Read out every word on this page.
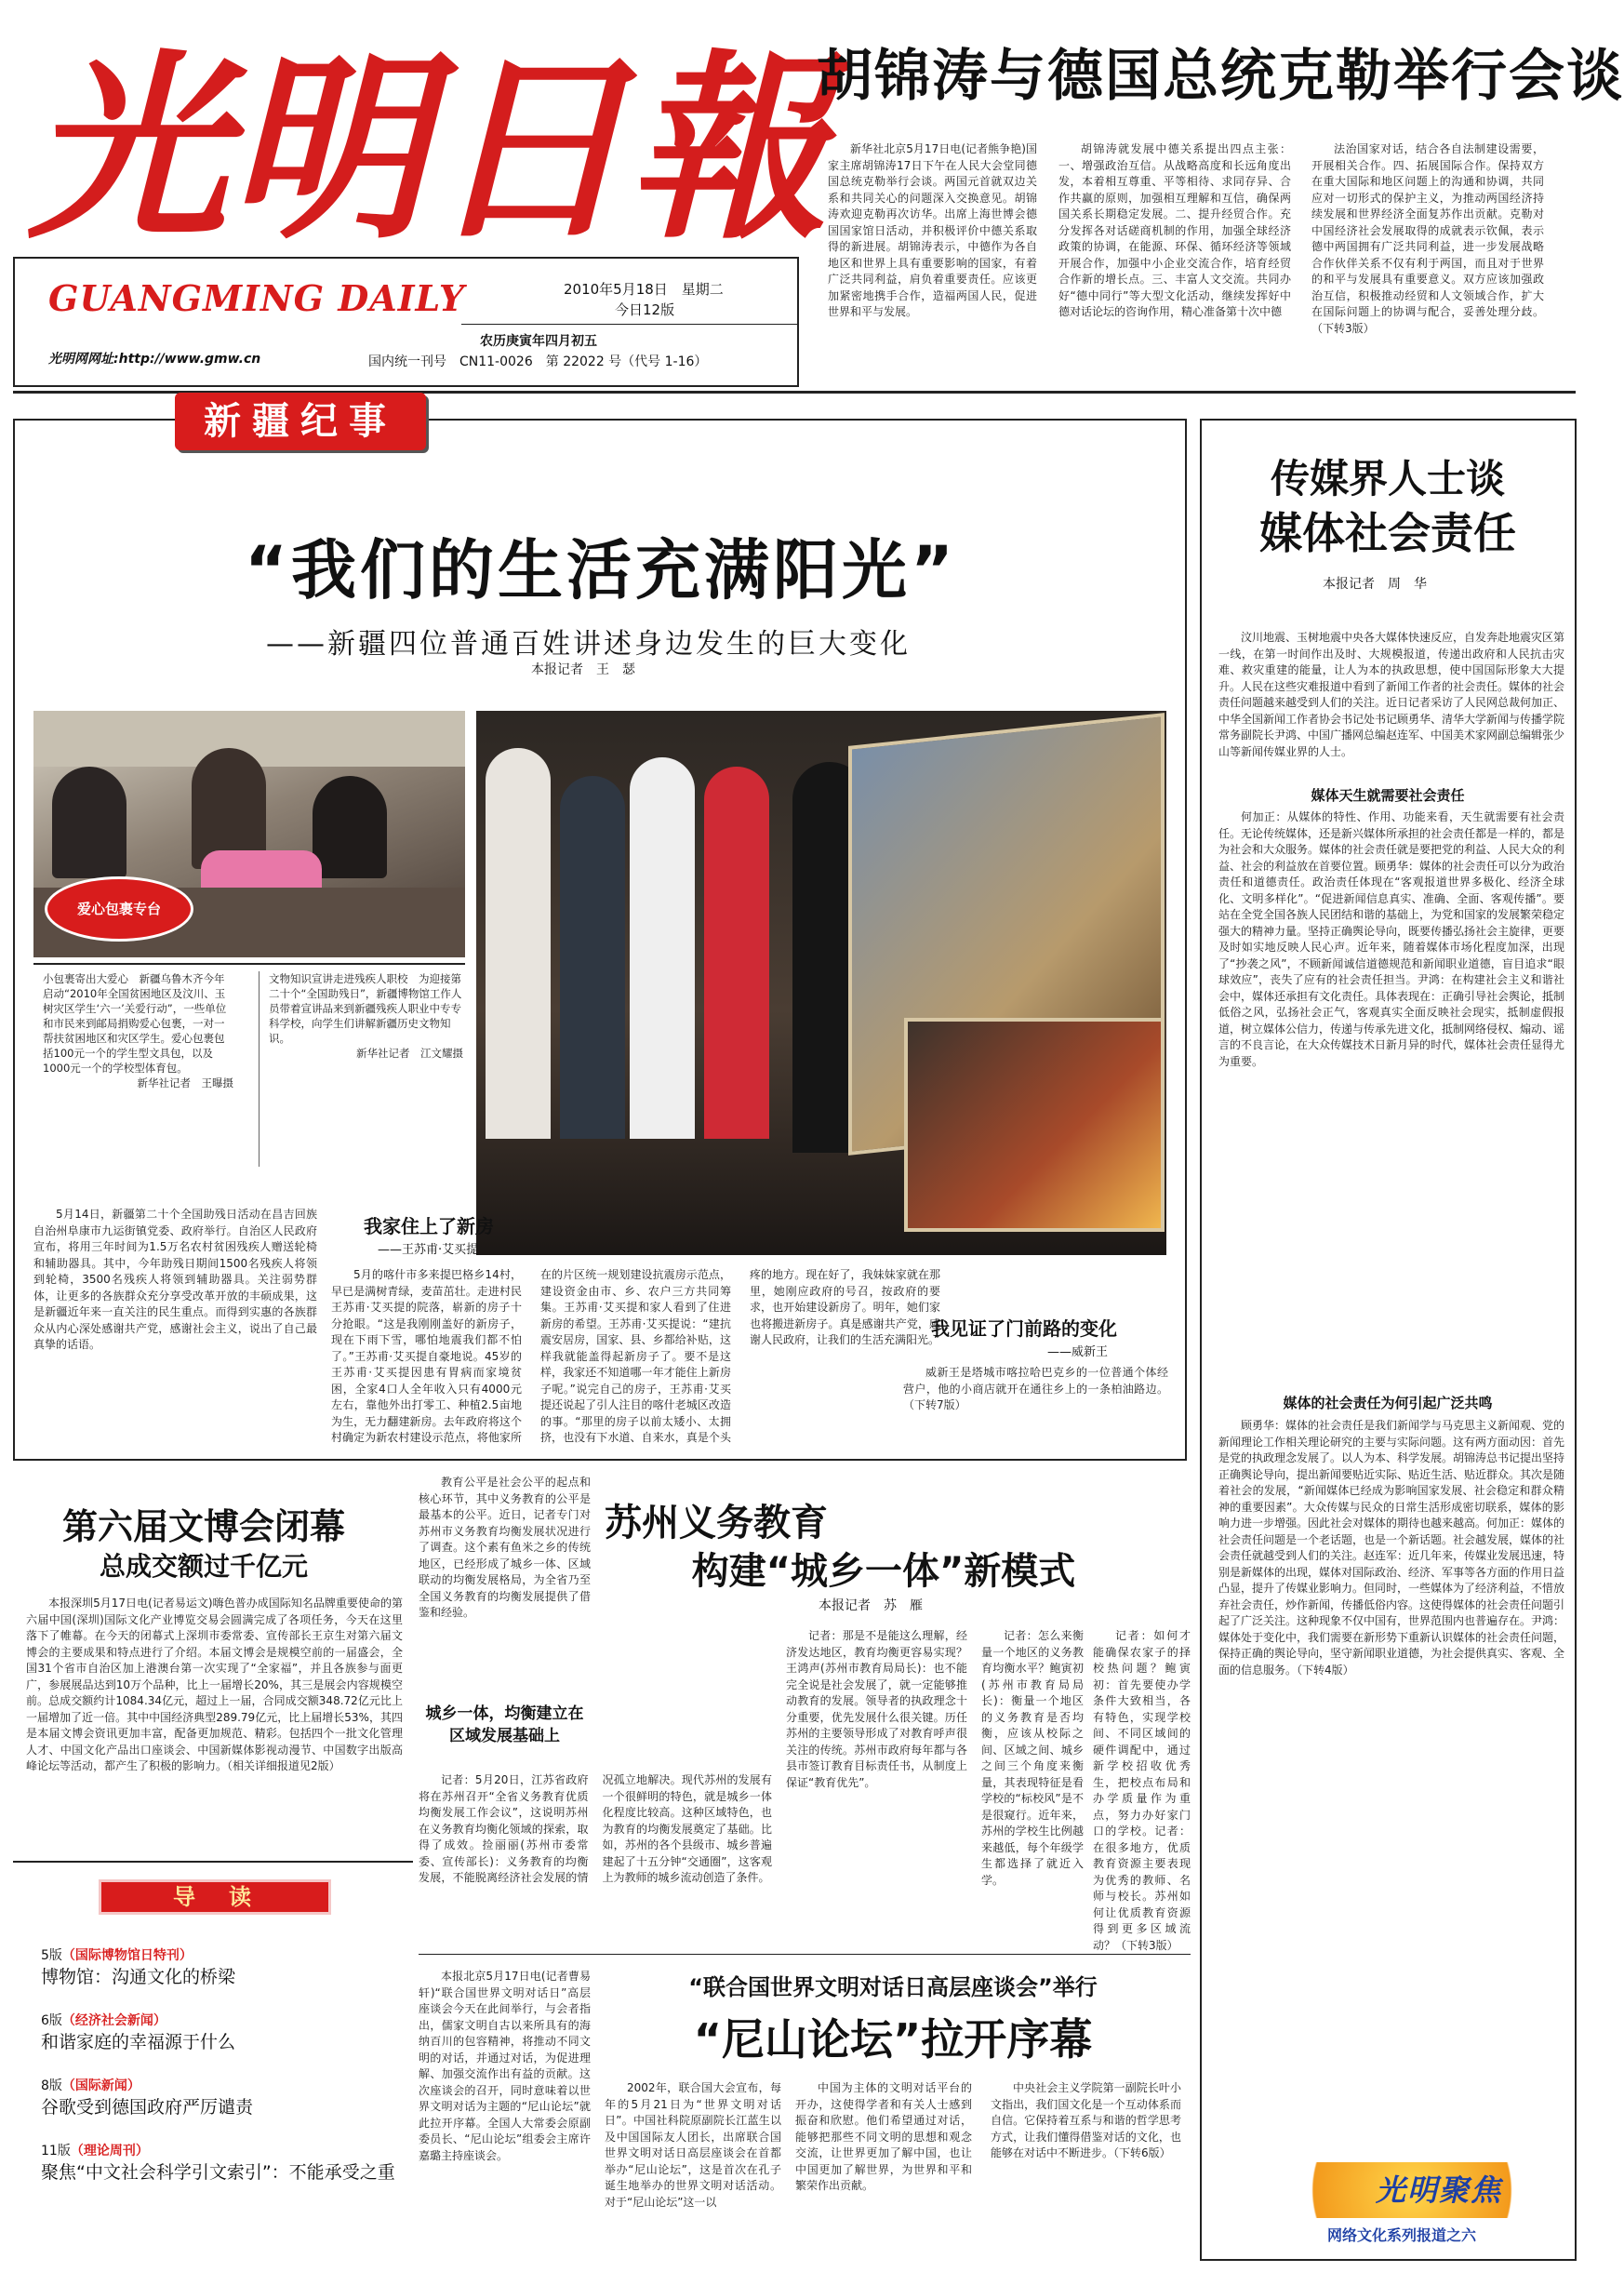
光明日報
GUANGMING DAILY
光明网网址:http://www.gmw.cn
2010年5月18日　星期二
今日12版
农历庚寅年四月初五
国内统一刊号　CN11-0026　第 22022 号（代号 1-16）
胡锦涛与德国总统克勒举行会谈
新华社北京5月17日电(记者熊争艳)国家主席胡锦涛17日下午在人民大会堂同德国总统克勒举行会谈。两国元首就双边关系和共同关心的问题深入交换意见。胡锦涛欢迎克勒再次访华。出席上海世博会德国国家馆日活动，并积极评价中德关系取得的新进展。胡锦涛表示，中德作为各自地区和世界上具有重要影响的国家，有着广泛共同利益，肩负着重要责任。应该更加紧密地携手合作，造福两国人民，促进世界和平与发展。
胡锦涛就发展中德关系提出四点主张：一、增强政治互信。从战略高度和长远角度出发，本着相互尊重、平等相待、求同存异、合作共赢的原则，加强相互理解和互信，确保两国关系长期稳定发展。二、提升经贸合作。充分发挥各对话磋商机制的作用，加强全球经济政策的协调，在能源、环保、循环经济等领域开展合作，加强中小企业交流合作，培育经贸合作新的增长点。三、丰富人文交流。共同办好“德中同行”等大型文化活动，继续发挥好中德对话论坛的咨询作用，精心准备第十次中德
法治国家对话，结合各自法制建设需要，开展相关合作。四、拓展国际合作。保持双方在重大国际和地区问题上的沟通和协调，共同应对一切形式的保护主义，为推动两国经济持续发展和世界经济全面复苏作出贡献。克勒对中国经济社会发展取得的成就表示钦佩，表示德中两国拥有广泛共同利益，进一步发展战略合作伙伴关系不仅有利于两国，而且对于世界的和平与发展具有重要意义。双方应该加强政治互信，积极推动经贸和人文领域合作，扩大在国际问题上的协调与配合，妥善处理分歧。（下转3版）
新疆纪事
“我们的生活充满阳光”
——新疆四位普通百姓讲述身边发生的巨大变化
本报记者　王　瑟
爱心包裹专台
小包裹寄出大爱心　新疆乌鲁木齐今年启动“2010年全国贫困地区及汶川、玉树灾区学生‘六一’关爱行动”，一些单位和市民来到邮局捐购爱心包裹，一对一帮扶贫困地区和灾区学生。爱心包裹包括100元一个的学生型文具包，以及1000元一个的学校型体育包。

新华社记者　王曝摄
文物知识宣讲走进残疾人职校　为迎接第二十个“全国助残日”，新疆博物馆工作人员带着宣讲品来到新疆残疾人职业中专专科学校，向学生们讲解新疆历史文物知识。

新华社记者　江文耀摄
5月14日，新疆第二十个全国助残日活动在昌吉回族自治州阜康市九运街镇党委、政府举行。自治区人民政府宣布，将用三年时间为1.5万名农村贫困残疾人赠送轮椅和辅助器具。其中，今年助残日期间1500名残疾人将领到轮椅，3500名残疾人将领到辅助器具。关注弱势群体，让更多的各族群众充分享受改革开放的丰硕成果，这是新疆近年来一直关注的民生重点。而得到实惠的各族群众从内心深处感谢共产党，感谢社会主义，说出了自己最真挚的话语。
我家住上了新房
——王苏甫·艾买提
5月的喀什市多来提巴格乡14村，早已是满树青绿，麦苗茁壮。走进村民王苏甫·艾买提的院落，崭新的房子十分抢眼。“这是我刚刚盖好的新房子，现在下雨下雪，哪怕地震我们都不怕了。”王苏甫·艾买提自豪地说。45岁的王苏甫·艾买提因患有胃病而家境贫困，全家4口人全年收入只有4000元左右，靠他外出打零工、种植2.5亩地为生，无力翻建新房。去年政府将这个村确定为新农村建设示范点，将他家所在的片区统一规划建设抗震房示范点，建设资金由市、乡、农户三方共同筹集。王苏甫·艾买提和家人看到了住进新房的希望。王苏甫·艾买提说：“建抗震安居房，国家、县、乡都给补贴，这样我就能盖得起新房子了。要不是这样，我家还不知道哪一年才能住上新房子呢。”说完自己的房子，王苏甫·艾买提还说起了引人注目的喀什老城区改造的事。“那里的房子以前太矮小、太拥挤，也没有下水道、自来水，真是个头疼的地方。现在好了，我妹妹家就在那里，她刚应政府的号召，按政府的要求，也开始建设新房了。明年，她们家也将搬进新房子。真是感谢共产党，感谢人民政府，让我们的生活充满阳光。”
我见证了门前路的变化
——威新王
威新王是塔城市喀拉哈巴克乡的一位普通个体经营户，他的小商店就开在通往乡上的一条柏油路边。（下转7版）
传媒界人士谈
媒体社会责任
本报记者　周　华
汶川地震、玉树地震中央各大媒体快速反应，自发奔赴地震灾区第一线，在第一时间作出及时、大规模报道，传递出政府和人民抗击灾难、救灾重建的能量，让人为本的执政思想，使中国国际形象大大提升。人民在这些灾难报道中看到了新闻工作者的社会责任。媒体的社会责任问题越来越受到人们的关注。近日记者采访了人民网总裁何加正、中华全国新闻工作者协会书记处书记顾勇华、清华大学新闻与传播学院常务副院长尹鸿、中国广播网总编赵连军、中国美术家网副总编辑张少山等新闻传媒业界的人士。
媒体天生就需要社会责任
何加正：从媒体的特性、作用、功能来看，天生就需要有社会责任。无论传统媒体，还是新兴媒体所承担的社会责任都是一样的，都是为社会和大众服务。媒体的社会责任就是要把党的利益、人民大众的利益、社会的利益放在首要位置。顾勇华：媒体的社会责任可以分为政治责任和道德责任。政治责任体现在“客观报道世界多极化、经济全球化、文明多样化”。“促进新闻信息真实、准确、全面、客观传播”。要站在全党全国各族人民团结和谐的基础上，为党和国家的发展繁荣稳定强大的精神力量。坚持正确舆论导向，既要传播弘扬社会主旋律，更要及时如实地反映人民心声。近年来，随着媒体市场化程度加深，出现了“抄袭之风”，不顾新闻诚信道德规范和新闻职业道德，盲目追求“眼球效应”，丧失了应有的社会责任担当。尹鸿：在构建社会主义和谐社会中，媒体还承担有文化责任。具体表现在：正确引导社会舆论，抵制低俗之风，弘扬社会正气，客观真实全面反映社会现实，抵制虚假报道，树立媒体公信力，传递与传承先进文化，抵制网络侵权、煽动、谣言的不良言论，在大众传媒技术日新月异的时代，媒体社会责任显得尤为重要。
媒体的社会责任为何引起广泛共鸣
顾勇华：媒体的社会责任是我们新闻学与马克思主义新闻观、党的新闻理论工作相关理论研究的主要与实际问题。这有两方面动因：首先是党的执政理念发展了。以人为本、科学发展。胡锦涛总书记提出坚持正确舆论导向，提出新闻要贴近实际、贴近生活、贴近群众。其次是随着社会的发展，“新闻媒体已经成为影响国家发展、社会稳定和群众精神的重要因素”。大众传媒与民众的日常生活形成密切联系，媒体的影响力进一步增强。因此社会对媒体的期待也越来越高。何加正：媒体的社会责任问题是一个老话题，也是一个新话题。社会越发展，媒体的社会责任就越受到人们的关注。赵连军：近几年来，传媒业发展迅速，特别是新媒体的出现，媒体对国际政治、经济、军事等各方面的作用日益凸显，提升了传媒业影响力。但同时，一些媒体为了经济利益，不惜放弃社会责任，炒作新闻，传播低俗内容。这使得媒体的社会责任问题引起了广泛关注。这种现象不仅中国有，世界范围内也普遍存在。尹鸿：媒体处于变化中，我们需要在新形势下重新认识媒体的社会责任问题，保持正确的舆论导向，坚守新闻职业道德，为社会提供真实、客观、全面的信息服务。（下转4版）
光明聚焦
网络文化系列报道之六
第六届文博会闭幕
总成交额过千亿元
本报深圳5月17日电(记者易运文)嗨色普办成国际知名品牌重要使命的第六届中国(深圳)国际文化产业博览交易会圆满完成了各项任务，今天在这里落下了帷幕。在今天的闭幕式上深圳市委常委、宣传部长王京生对第六届文博会的主要成果和特点进行了介绍。本届文博会是规模空前的一届盛会，全国31个省市自治区加上港澳台第一次实现了“全家福”，并且各族参与面更广，参展展品达到10万个品种，比上一届增长20%，其三是展会内容规模空前。总成交额约计1084.34亿元，超过上一届，合同成交额348.72亿元比上一届增加了近一倍。其中中国经济典型289.79亿元，比上届增长53%，其四是本届文博会资讯更加丰富，配备更加规范、精彩。包括四个一批文化管理人才、中国文化产品出口座谈会、中国新媒体影视动漫节、中国数字出版高峰论坛等活动，都产生了积极的影响力。（相关详细报道见2版）
导　读
5版（国际博物馆日特刊）
博物馆：沟通文化的桥梁
6版（经济社会新闻）
和谐家庭的幸福源于什么
8版（国际新闻）
谷歌受到德国政府严厉谴责
11版（理论周刊）
聚焦“中文社会科学引文索引”：不能承受之重
教育公平是社会公平的起点和核心环节，其中义务教育的公平是最基本的公平。近日，记者专门对苏州市义务教育均衡发展状况进行了调查。这个素有鱼米之乡的传统地区，已经形成了城乡一体、区域联动的均衡发展格局，为全省乃至全国义务教育的均衡发展提供了借鉴和经验。
城乡一体，均衡建立在区域发展基础上
记者：5月20日，江苏省政府将在苏州召开“全省义务教育优质均衡发展工作会议”，这说明苏州在义务教育均衡化领域的探索，取得了成效。捡丽丽(苏州市委常委、宣传部长)：义务教育的均衡发展，不能脱离经济社会发展的情况孤立地解决。现代苏州的发展有一个很鲜明的特色，就是城乡一体化程度比较高。这种区域特色，也为教育的均衡发展奠定了基础。比如，苏州的各个县级市、城乡普遍建起了十五分钟“交通圈”，这客观上为教师的城乡流动创造了条件。
苏州义务教育
构建“城乡一体”新模式
本报记者　苏　雁
记者：那是不是能这么理解，经济发达地区，教育均衡更容易实现？王鸿声(苏州市教育局局长)：也不能完全说是社会发展了，就一定能够推动教育的发展。领导者的执政理念十分重要，优先发展什么很关键。历任苏州的主要领导形成了对教育呼声很关注的传统。苏州市政府每年都与各县市签订教育目标责任书，从制度上保证“教育优先”。
记者：怎么来衡量一个地区的义务教育均衡水平？鲍寅初(苏州市教育局局长)：衡量一个地区的义务教育是否均衡，应该从校际之间、区域之间、城乡之间三个角度来衡量，其表现特征是看学校的“标校风”是不是很窥行。近年来，苏州的学校生比例越来越低，每个年级学生都选择了就近入学。
记者：如何才能确保农家子的择校热问题？鲍寅初：首先要使办学条件大致相当，各有特色，实现学校间、不同区域间的硬件调配中，通过新学校招收优秀生，把校点布局和办学质量作为重点，努力办好家门口的学校。记者：在很多地方，优质教育资源主要表现为优秀的教师、名师与校长。苏州如何让优质教育资源得到更多区域流动？（下转3版）
本报北京5月17日电(记者曹易轩)“联合国世界文明对话日”高层座谈会今天在此间举行，与会者指出，儒家文明自古以来所具有的海纳百川的包容精神，将推动不同文明的对话，并通过对话，为促进理解、加强交流作出有益的贡献。这次座谈会的召开，同时意味着以世界文明对话为主题的“尼山论坛”就此拉开序幕。全国人大常委会原副委员长、“尼山论坛”组委会主席许嘉璐主持座谈会。
“联合国世界文明对话日高层座谈会”举行
“尼山论坛”拉开序幕
2002年，联合国大会宣布，每年的5月21日为“世界文明对话日”。中国社科院原副院长江蓝生以及中国国际友人团长，出席联合国世界文明对话日高层座谈会在首都举办“尼山论坛”，这是首次在孔子诞生地举办的世界文明对话活动。对于“尼山论坛”这一以
中国为主体的文明对话平台的开办，这使得学者和有关人士感到振奋和欣慰。他们希望通过对话，能够把那些不同文明的思想和观念交流，让世界更加了解中国，也让中国更加了解世界，为世界和平和繁荣作出贡献。
中央社会主义学院第一副院长叶小文指出，我们国文化是一个互动体系而自信。它保持着互系与和谐的哲学思考方式，让我们懂得借鉴对话的文化，也能够在对话中不断进步。（下转6版）
